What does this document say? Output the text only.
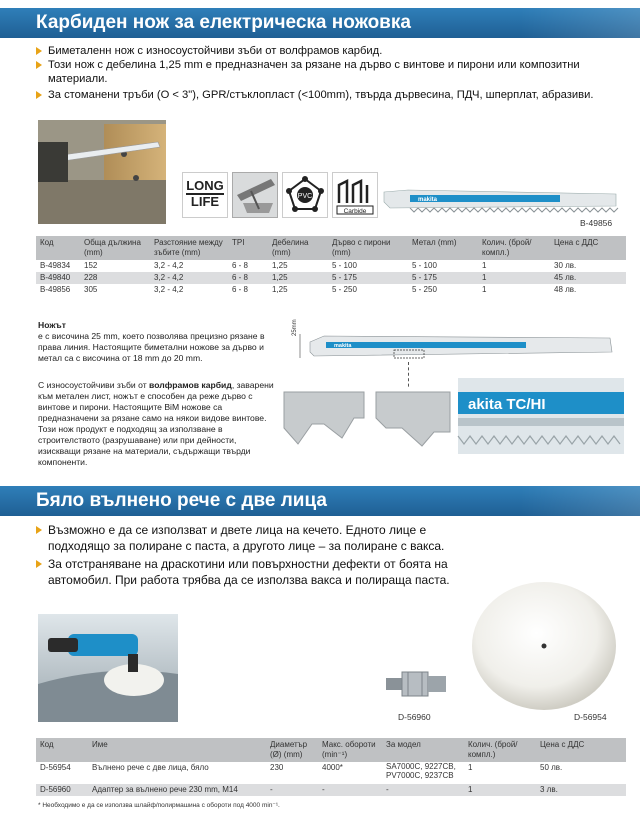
Карбиден нож за електрическа ножовка
Биметаленн нож с износоустойчиви зъби от волфрамов карбид.
Този нож с дебелина 1,25 mm е предназначен за рязане на дърво с винтове и пирони или композитни материали.
За стоманени тръби (O < 3"), GPR/стъклопласт (<100mm), твърда дървесина, ПДЧ, шперплат, абразиви.
LONG
LIFE	PVC
Carbide
makita
B-49856
Код	Обща дължина (mm)	Разстояние между зъбите (mm)	TPI	Дебелина (mm)	Дърво с пирони (mm)	Метал (mm)	Колич. (брой/компл.)	Цена с ДДС
B-49834	152	3,2 - 4,2	6 - 8	1,25	5 - 100	5 - 100	1	30 лв.
B-49840	228	3,2 - 4,2	6 - 8	1,25	5 - 175	5 - 175	1	45 лв.
B-49856	305	3,2 - 4,2	6 - 8	1,25	5 - 250	5 - 250	1	48 лв.
Ножът
е с височина 25 mm, което позволява прецизно рязане в права линия. Настоящите биметални ножове за дърво и метал са с височина от 18 mm до 20 mm.
makita
25mm
С износоустойчиви зъби от волфрамов карбид, заварени към метален лист, ножът е способен да реже дърво с винтове и пирони. Настоящите BiM ножове са предназначени за рязане само на някои видове винтове. Този нож продукт е подходящ за използване в строителството (разрушаване) или при дейности, изискващи рязане на материали, съдържащи твърди компоненти.
akita TC/HI
Бяло вълнено рече с две лица
Възможно е да се използват и двете лица на кечето. Едното лице е подходящо за полиране с паста, а другото лице – за полиране с вакса.
За отстраняване на драскотини или повърхностни дефекти от боята на автомобил. При работа трябва да се използва вакса и полираща паста.
D-56960	D-56954
Код	Име	Диаметър (Ø) (mm)	Макс. обороти (min⁻¹)	За модел	Колич. (брой/компл.)	Цена с ДДС
D-56954	Вълнено рече с две лица, бяло	230	4000*	SA7000C, 9227CB, PV7000C, 9237CB	1	50 лв.
D-56960	Адаптер за вълнено рече 230 mm, M14	-	-	-	1	3 лв.
* Необходимо е да се използва шлайф/полирмашина с обороти под 4000 min⁻¹.
